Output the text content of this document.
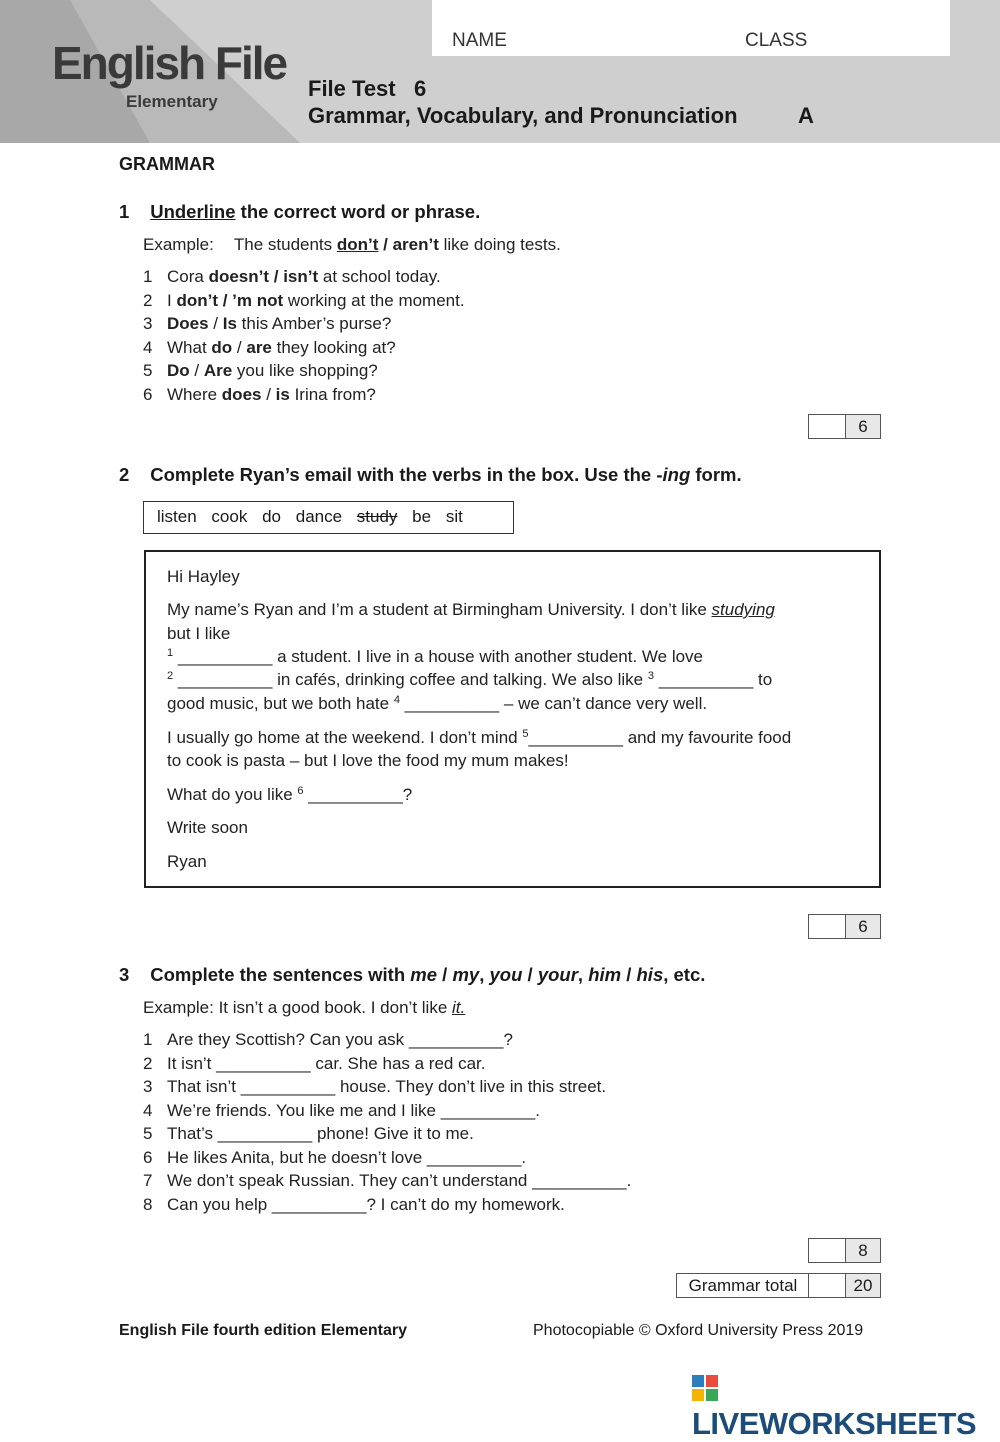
English File
Elementary
NAME	CLASS
File Test   6
Grammar, Vocabulary, and Pronunciation	A
GRAMMAR
1 Underline the correct word or phrase.
Example: The students don’t / aren’t like doing tests.
1 Cora doesn’t / isn’t at school today.
2 I don’t / ’m not working at the moment.
3 Does / Is this Amber’s purse?
4 What do / are they looking at?
5 Do / Are you like shopping?
6 Where does / is Irina from?
6
2 Complete Ryan’s email with the verbs in the box. Use the -ing form.
listen cook do dance study be sit
Hi Hayley
My name’s Ryan and I’m a student at Birmingham University. I don’t like studying
but I like
$^1$ __________ a student. I live in a house with another student. We love
$^2$ __________ in cafés, drinking coffee and talking. We also like $^3$ __________ to
good music, but we both hate $^4$ __________ – we can’t dance very well.
I usually go home at the weekend. I don’t mind $^5$__________ and my favourite food
to cook is pasta – but I love the food my mum makes!
What do you like $^6$ __________?
Write soon
Ryan
6
3 Complete the sentences with me / my, you / your, him / his, etc.
Example: It isn’t a good book. I don’t like it.
1 Are they Scottish? Can you ask __________?
2 It isn’t __________ car. She has a red car.
3 That isn’t __________ house. They don’t live in this street.
4 We’re friends. You like me and I like __________.
5 That’s __________ phone! Give it to me.
6 He likes Anita, but he doesn’t love __________.
7 We don’t speak Russian. They can’t understand __________.
8 Can you help __________? I can’t do my homework.
8
Grammar total	20
English File fourth edition Elementary	Photocopiable © Oxford University Press 2019
LIVEWORKSHEETS
